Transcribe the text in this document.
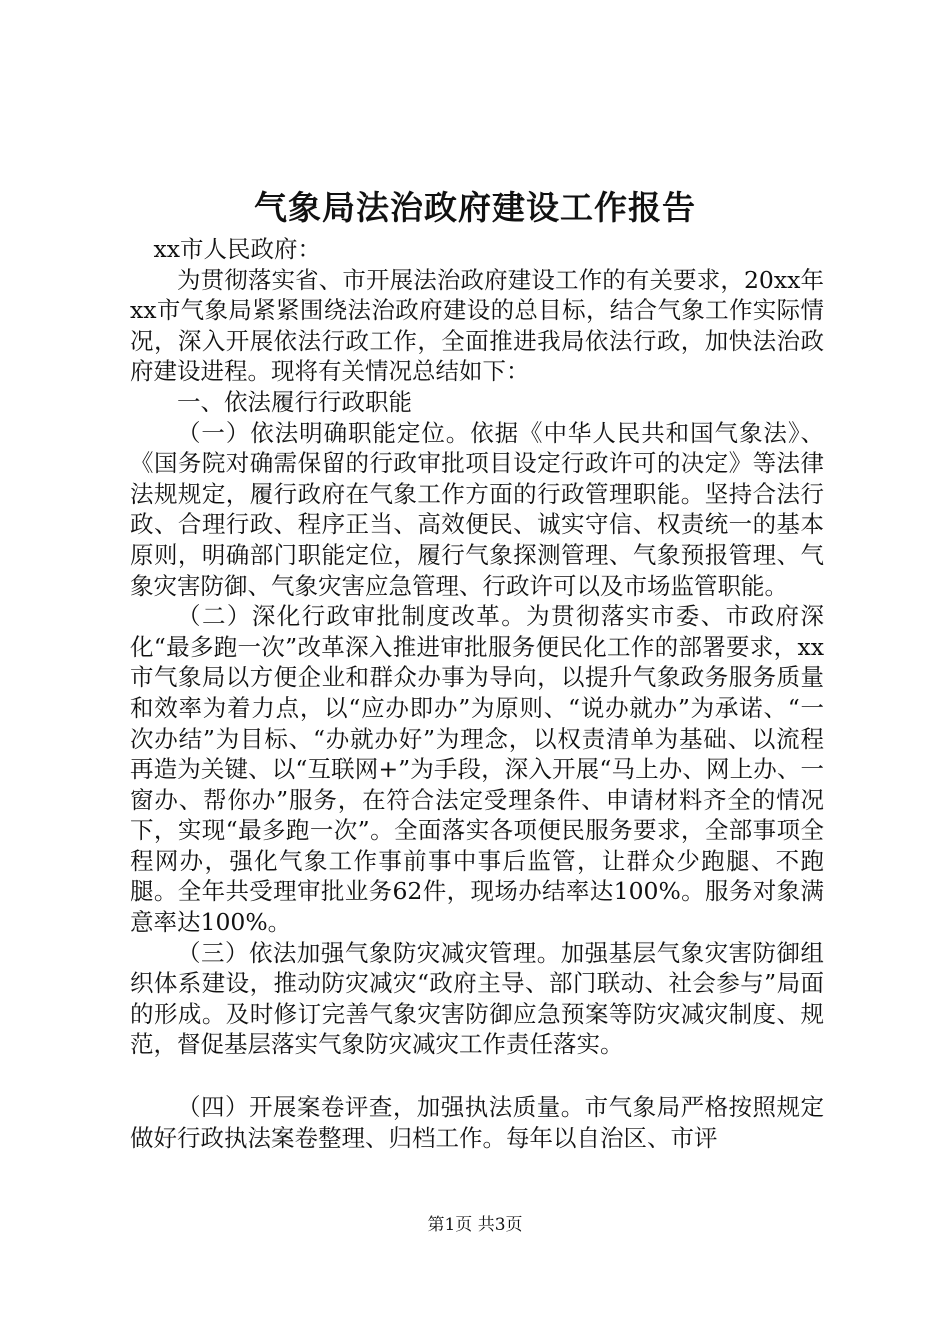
气象局法治政府建设工作报告

xx市人民政府：

为贯彻落实省、市开展法治政府建设工作的有关要求，20xx年xx市气象局紧紧围绕法治政府建设的总目标，结合气象工作实际情况，深入开展依法行政工作，全面推进我局依法行政，加快法治政府建设进程。现将有关情况总结如下：

一、依法履行行政职能

（一）依法明确职能定位。依据《中华人民共和国气象法》、《国务院对确需保留的行政审批项目设定行政许可的决定》等法律法规规定，履行政府在气象工作方面的行政管理职能。坚持合法行政、合理行政、程序正当、高效便民、诚实守信、权责统一的基本原则，明确部门职能定位，履行气象探测管理、气象预报管理、气象灾害防御、气象灾害应急管理、行政许可以及市场监管职能。

（二）深化行政审批制度改革。为贯彻落实市委、市政府深化“最多跑一次”改革深入推进审批服务便民化工作的部署要求，xx市气象局以方便企业和群众办事为导向，以提升气象政务服务质量和效率为着力点，以“应办即办”为原则、“说办就办”为承诺、“一次办结”为目标、“办就办好”为理念，以权责清单为基础、以流程再造为关键、以“互联网+”为手段，深入开展“马上办、网上办、一窗办、帮你办”服务，在符合法定受理条件、申请材料齐全的情况下，实现“最多跑一次”。全面落实各项便民服务要求，全部事项全程网办，强化气象工作事前事中事后监管，让群众少跑腿、不跑腿。全年共受理审批业务62件，现场办结率达100%。服务对象满意率达100%。

（三）依法加强气象防灾减灾管理。加强基层气象灾害防御组织体系建设，推动防灾减灾“政府主导、部门联动、社会参与”局面的形成。及时修订完善气象灾害防御应急预案等防灾减灾制度、规范，督促基层落实气象防灾减灾工作责任落实。

（四）开展案卷评查，加强执法质量。市气象局严格按照规定做好行政执法案卷整理、归档工作。每年以自治区、市评

第1页 共3页
